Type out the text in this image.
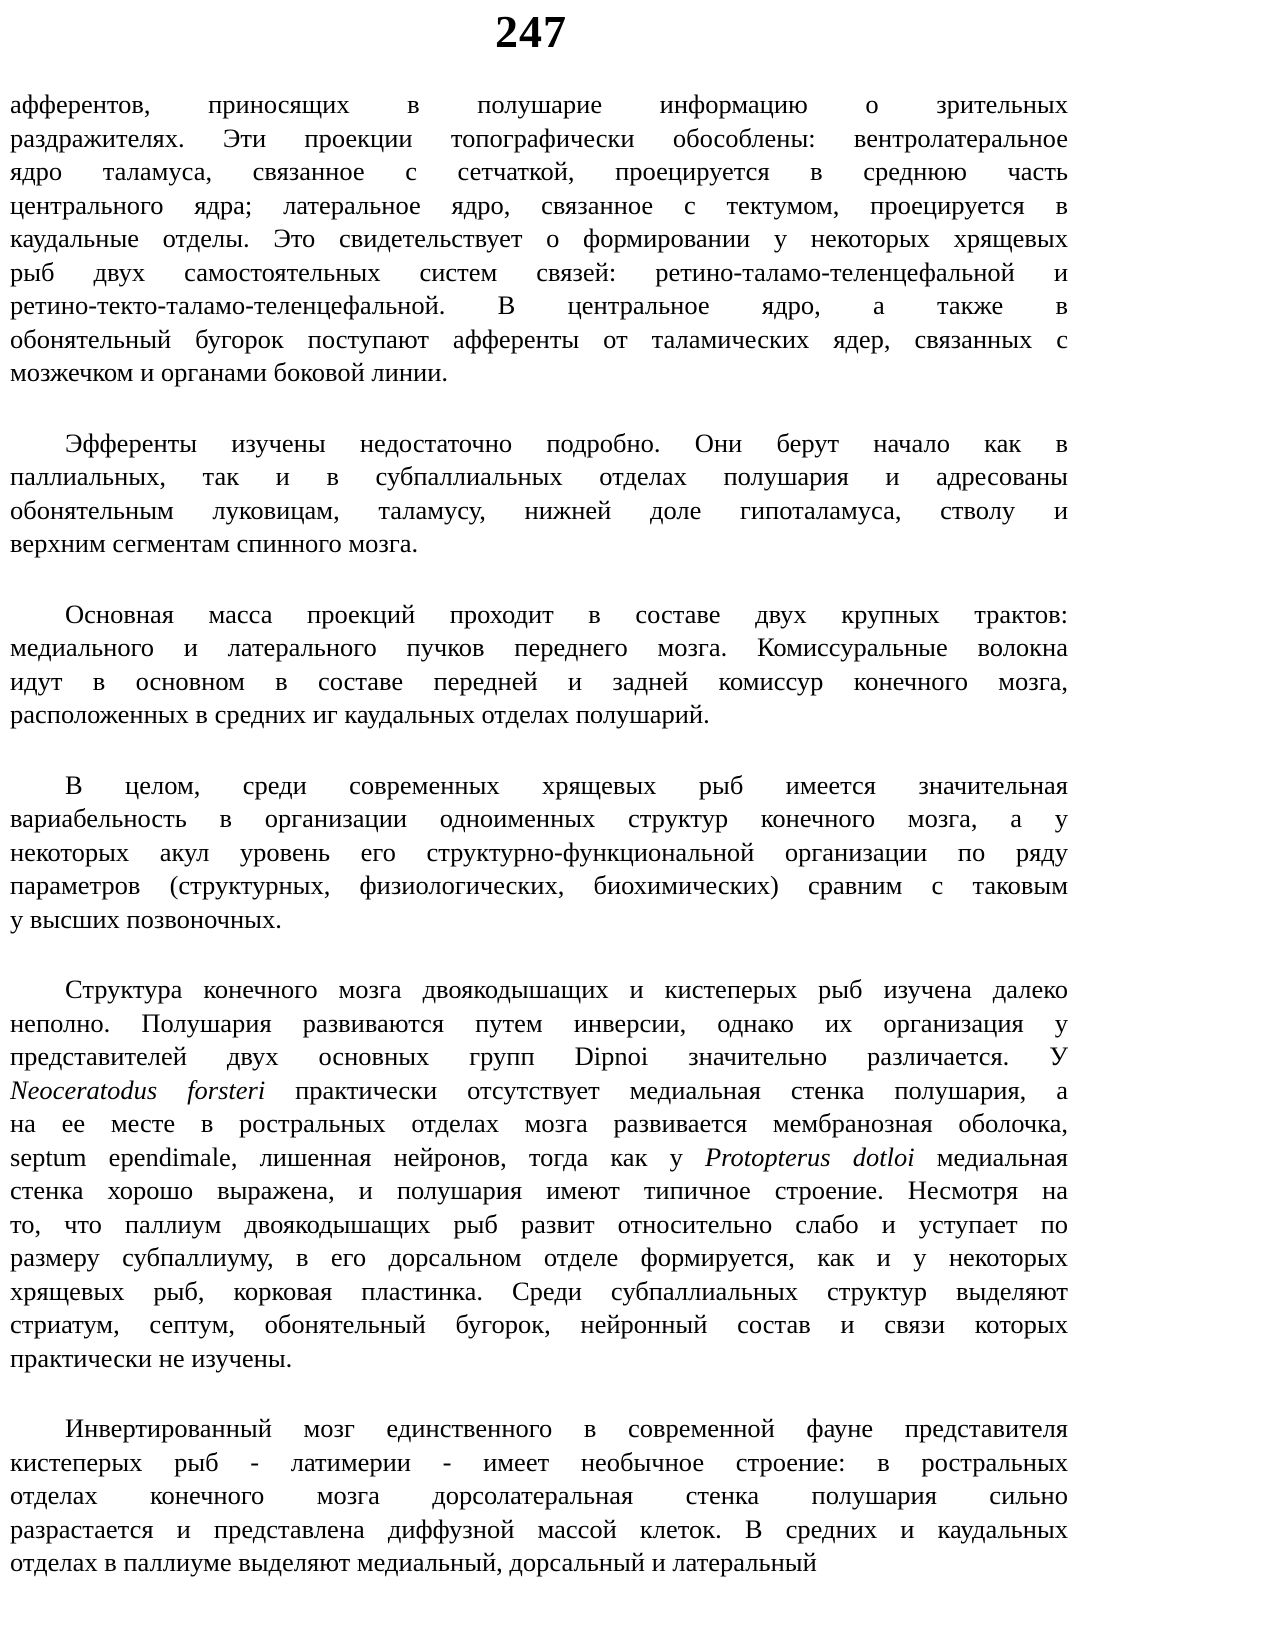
247
афферентов, приносящих в полушарие информацию о зрительных
раздражителях. Эти проекции топографически обособлены: вентролатеральное
ядро таламуса, связанное с сетчаткой, проецируется в среднюю часть
центрального ядра; латеральное ядро, связанное с тектумом, проецируется в
каудальные отделы. Это свидетельствует о формировании у некоторых хрящевых
рыб двух самостоятельных систем связей: ретино-таламо-теленцефальной и
ретино-текто-таламо-теленцефальной. В центральное ядро, а также в
обонятельный бугорок поступают афференты от таламических ядер, связанных с
мозжечком и органами боковой линии.
Эфференты изучены недостаточно подробно. Они берут начало как в
паллиальных, так и в субпаллиальных отделах полушария и адресованы
обонятельным луковицам, таламусу, нижней доле гипоталамуса, стволу и
верхним сегментам спинного мозга.
Основная масса проекций проходит в составе двух крупных трактов:
медиального и латерального пучков переднего мозга. Комиссуральные волокна
идут в основном в составе передней и задней комиссур конечного мозга,
расположенных в средних иг каудальных отделах полушарий.
В целом, среди современных хрящевых рыб имеется значительная
вариабельность в организации одноименных структур конечного мозга, а у
некоторых акул уровень его структурно-функциональной организации по ряду
параметров (структурных, физиологических, биохимических) сравним с таковым
у высших позвоночных.
Структура конечного мозга двоякодышащих и кистеперых рыб изучена далеко
неполно. Полушария развиваются путем инверсии, однако их организация у
представителей двух основных групп Dipnoi значительно различается. У
Neoceratodus forsteri практически отсутствует медиальная стенка полушария, а
на ее месте в ростральных отделах мозга развивается мембранозная оболочка,
septum ependimale, лишенная нейронов, тогда как у Protopterus dotloi медиальная
стенка хорошо выражена, и полушария имеют типичное строение. Несмотря на
то, что паллиум двоякодышащих рыб развит относительно слабо и уступает по
размеру субпаллиуму, в его дорсальном отделе формируется, как и у некоторых
хрящевых рыб, корковая пластинка. Среди субпаллиальных структур выделяют
стриатум, септум, обонятельный бугорок, нейронный состав и связи которых
практически не изучены.
Инвертированный мозг единственного в современной фауне представителя
кистеперых рыб - латимерии - имеет необычное строение: в ростральных
отделах конечного мозга дорсолатеральная стенка полушария сильно
разрастается и представлена диффузной массой клеток. В средних и каудальных
отделах в паллиуме выделяют медиальный, дорсальный и латеральный
